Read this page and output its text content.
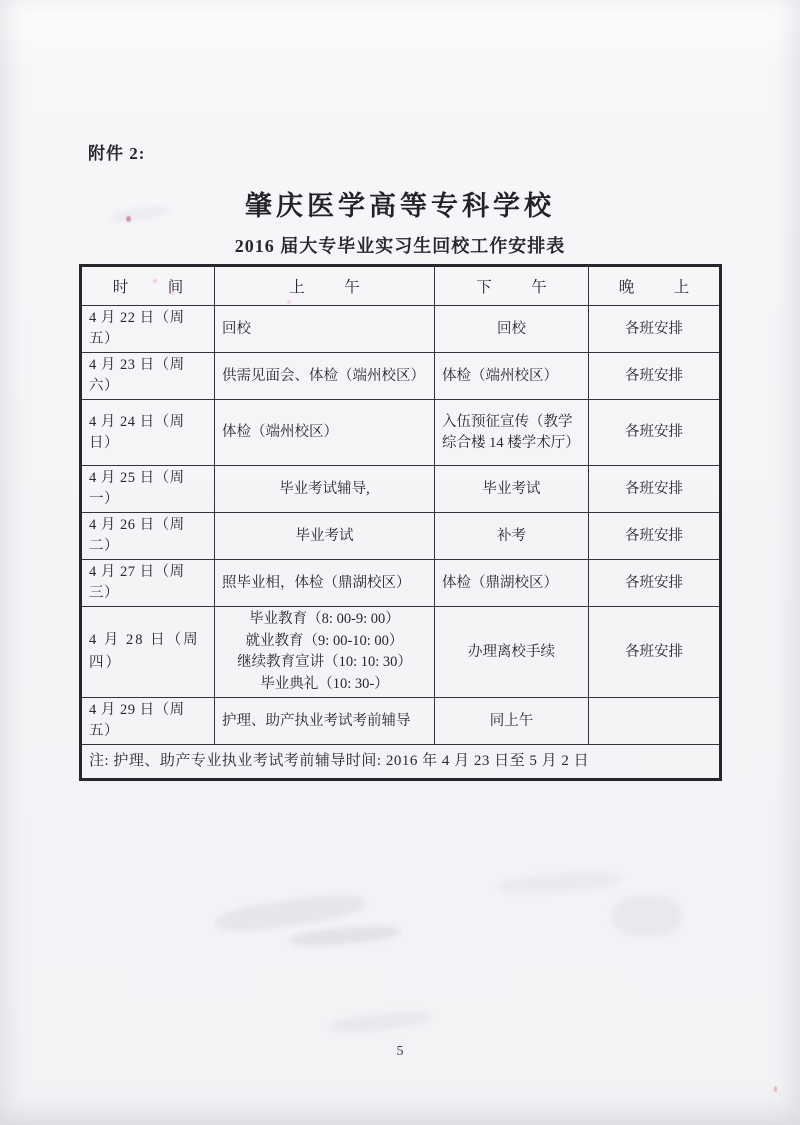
附件 2:
肇庆医学高等专科学校
2016 届大专毕业实习生回校工作安排表
时　间	上　午	下　午	晚　上
4 月 22 日（周五）	回校	回校	各班安排
4 月 23 日（周六）	供需见面会、体检（端州校区）	体检（端州校区）	各班安排
4 月 24 日（周日）	体检（端州校区）	入伍预征宣传（教学综合楼 14 楼学术厅）	各班安排
4 月 25 日（周一）	毕业考试辅导,	毕业考试	各班安排
4 月 26 日（周二）	毕业考试	补考	各班安排
4 月 27 日（周三）	照毕业相，体检（鼎湖校区）	体检（鼎湖校区）	各班安排
4 月 28 日（周四）	毕业教育（8: 00-9: 00）
就业教育（9: 00-10: 00）
继续教育宣讲（10: 10: 30）
毕业典礼（10: 30-）	办理离校手续	各班安排
4 月 29 日（周五）	护理、助产执业考试考前辅导	同上午	
注: 护理、助产专业执业考试考前辅导时间: 2016 年 4 月 23 日至 5 月 2 日			
5
